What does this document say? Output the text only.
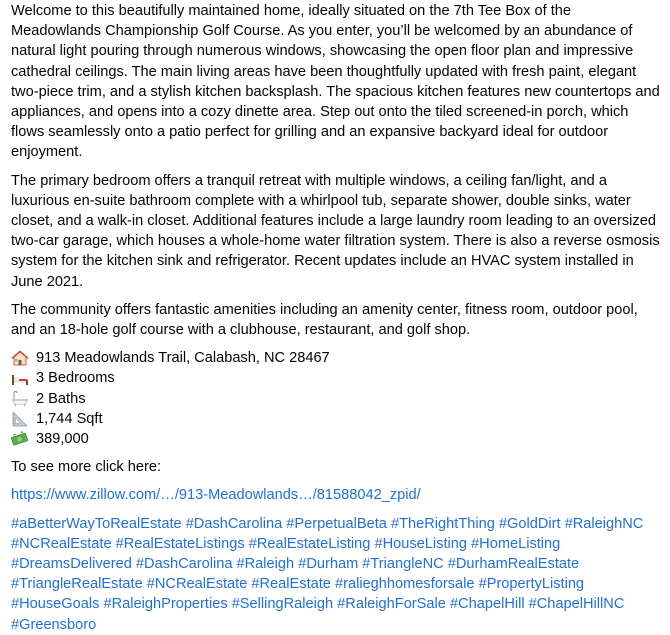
Welcome to this beautifully maintained home, ideally situated on the 7th Tee Box of the Meadowlands Championship Golf Course. As you enter, you’ll be welcomed by an abundance of natural light pouring through numerous windows, showcasing the open floor plan and impressive cathedral ceilings. The main living areas have been thoughtfully updated with fresh paint, elegant two-piece trim, and a stylish kitchen backsplash. The spacious kitchen features new countertops and appliances, and opens into a cozy dinette area. Step out onto the tiled screened-in porch, which flows seamlessly onto a patio perfect for grilling and an expansive backyard ideal for outdoor enjoyment.

The primary bedroom offers a tranquil retreat with multiple windows, a ceiling fan/light, and a luxurious en-suite bathroom complete with a whirlpool tub, separate shower, double sinks, water closet, and a walk-in closet. Additional features include a large laundry room leading to an oversized two-car garage, which houses a whole-home water filtration system. There is also a reverse osmosis system for the kitchen sink and refrigerator. Recent updates include an HVAC system installed in June 2021.

The community offers fantastic amenities including an amenity center, fitness room, outdoor pool, and an 18-hole golf course with a clubhouse, restaurant, and golf shop.

913 Meadowlands Trail, Calabash, NC 28467
3 Bedrooms
2 Baths
1,744 Sqft
389,000

To see more click here:

https://www.zillow.com/…/913-Meadowlands…/81588042_zpid/

#aBetterWayToRealEstate #DashCarolina #PerpetualBeta #TheRightThing #GoldDirt #RaleighNC #NCRealEstate #RealEstateListings #RealEstateListing #HouseListing #HomeListing #DreamsDelivered #DashCarolina #Raleigh #Durham #TriangleNC #DurhamRealEstate #TriangleRealEstate #NCRealEstate #RealEstate #ralieghhomesforsale #PropertyListing #HouseGoals #RaleighProperties #SellingRaleigh #RaleighForSale #ChapelHill #ChapelHillNC #Greensboro
